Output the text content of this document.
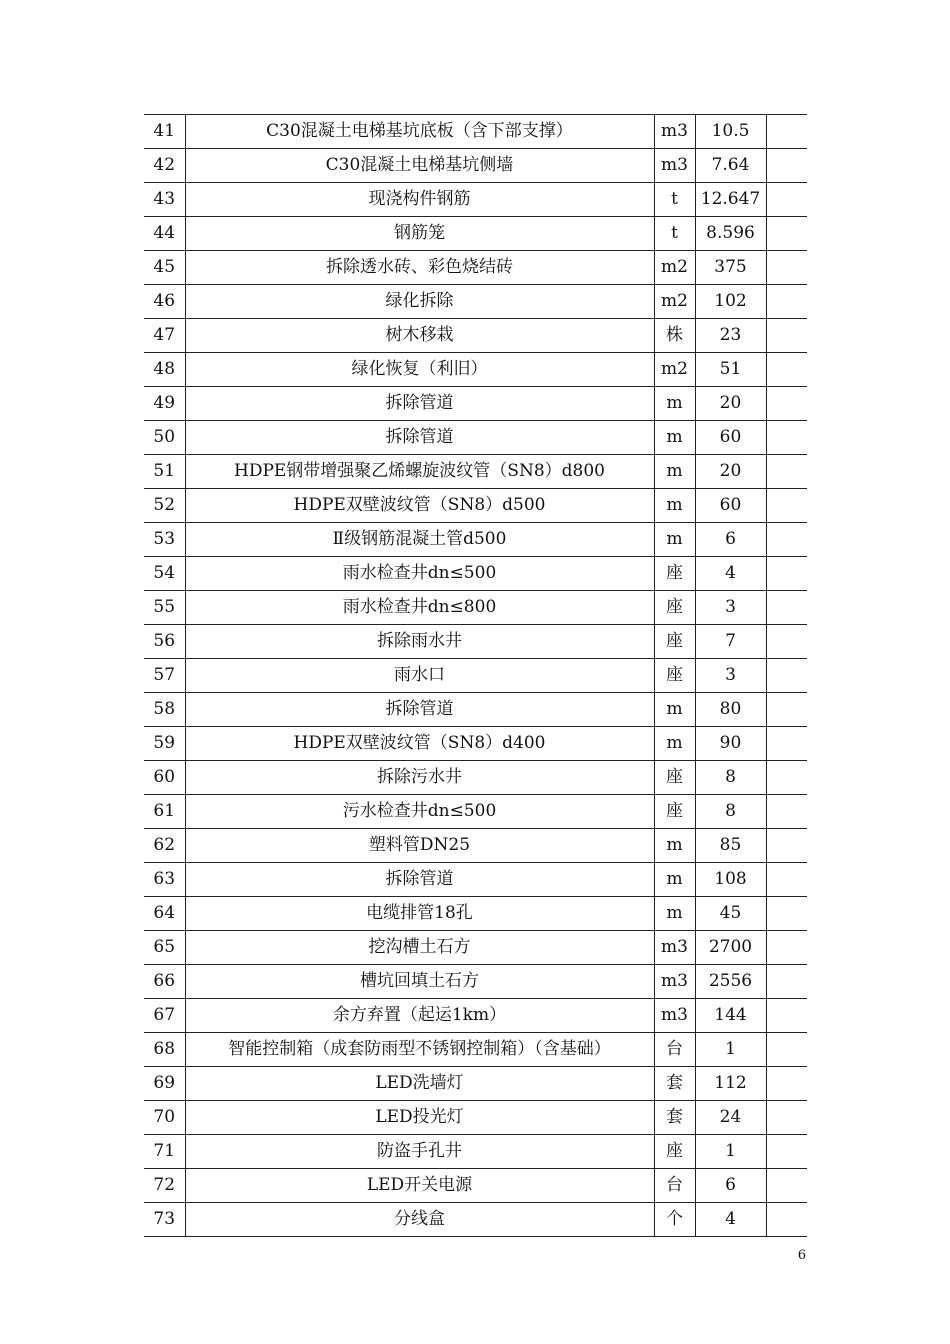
41	C30混凝土电梯基坑底板（含下部支撑）	m3	10.5	
42	C30混凝土电梯基坑侧墙	m3	7.64	
43	现浇构件钢筋	t	12.647	
44	钢筋笼	t	8.596	
45	拆除透水砖、彩色烧结砖	m2	375	
46	绿化拆除	m2	102	
47	树木移栽	株	23	
48	绿化恢复（利旧）	m2	51	
49	拆除管道	m	20	
50	拆除管道	m	60	
51	HDPE钢带增强聚乙烯螺旋波纹管（SN8）d800	m	20	
52	HDPE双壁波纹管（SN8）d500	m	60	
53	Ⅱ级钢筋混凝土管d500	m	6	
54	雨水检查井dn≤500	座	4	
55	雨水检查井dn≤800	座	3	
56	拆除雨水井	座	7	
57	雨水口	座	3	
58	拆除管道	m	80	
59	HDPE双壁波纹管（SN8）d400	m	90	
60	拆除污水井	座	8	
61	污水检查井dn≤500	座	8	
62	塑料管DN25	m	85	
63	拆除管道	m	108	
64	电缆排管18孔	m	45	
65	挖沟槽土石方	m3	2700	
66	槽坑回填土石方	m3	2556	
67	余方弃置（起运1km）	m3	144	
68	智能控制箱（成套防雨型不锈钢控制箱）（含基础）	台	1	
69	LED洗墙灯	套	112	
70	LED投光灯	套	24	
71	防盗手孔井	座	1	
72	LED开关电源	台	6	
73	分线盒	个	4	
6
